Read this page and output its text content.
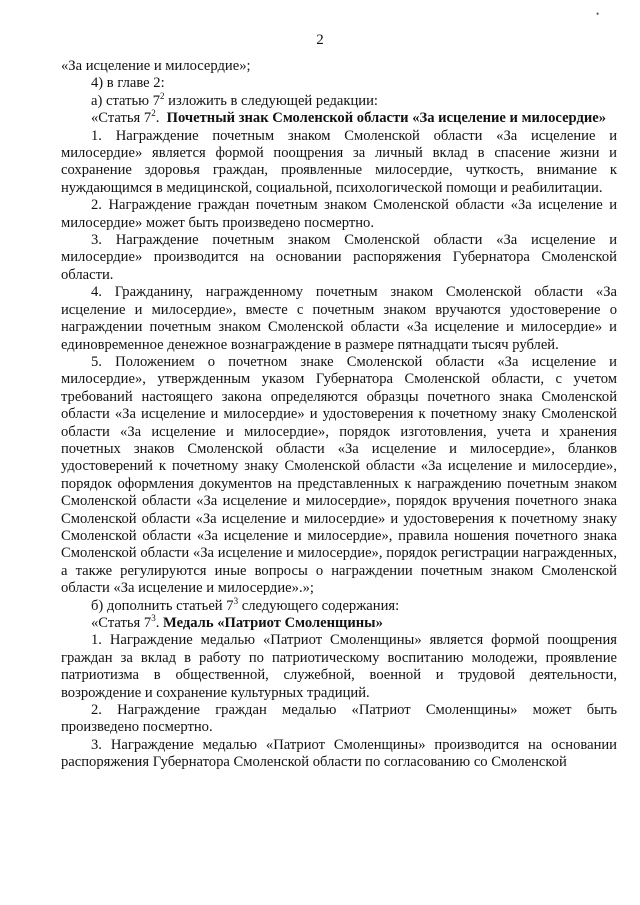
•
2

«За исцеление и милосердие»;

4) в главе 2:

а) статью $7^2$ изложить в следующей редакции:

«Статья $7^2$. Почетный знак Смоленской области «За исцеление и милосердие»

1. Награждение почетным знаком Смоленской области «За исцеление и милосердие» является формой поощрения за личный вклад в спасение жизни и сохранение здоровья граждан, проявленные милосердие, чуткость, внимание к нуждающимся в медицинской, социальной, психологической помощи и реабилитации.

2. Награждение граждан почетным знаком Смоленской области «За исцеление и милосердие» может быть произведено посмертно.

3. Награждение почетным знаком Смоленской области «За исцеление и милосердие» производится на основании распоряжения Губернатора Смоленской области.

4. Гражданину, награжденному почетным знаком Смоленской области «За исцеление и милосердие», вместе с почетным знаком вручаются удостоверение о награждении почетным знаком Смоленской области «За исцеление и милосердие» и единовременное денежное вознаграждение в размере пятнадцати тысяч рублей.

5. Положением о почетном знаке Смоленской области «За исцеление и милосердие», утвержденным указом Губернатора Смоленской области, с учетом требований настоящего закона определяются образцы почетного знака Смоленской области «За исцеление и милосердие» и удостоверения к почетному знаку Смоленской области «За исцеление и милосердие», порядок изготовления, учета и хранения почетных знаков Смоленской области «За исцеление и милосердие», бланков удостоверений к почетному знаку Смоленской области «За исцеление и милосердие», порядок оформления документов на представленных к награждению почетным знаком Смоленской области «За исцеление и милосердие», порядок вручения почетного знака Смоленской области «За исцеление и милосердие» и удостоверения к почетному знаку Смоленской области «За исцеление и милосердие», правила ношения почетного знака Смоленской области «За исцеление и милосердие», порядок регистрации награжденных, а также регулируются иные вопросы о награждении почетным знаком Смоленской области «За исцеление и милосердие».»;

б) дополнить статьей $7^3$ следующего содержания:

«Статья $7^3$. Медаль «Патриот Смоленщины»

1. Награждение медалью «Патриот Смоленщины» является формой поощрения граждан за вклад в работу по патриотическому воспитанию молодежи, проявление патриотизма в общественной, служебной, военной и трудовой деятельности, возрождение и сохранение культурных традиций.

2. Награждение граждан медалью «Патриот Смоленщины» может быть произведено посмертно.

3. Награждение медалью «Патриот Смоленщины» производится на основании распоряжения Губернатора Смоленской области по согласованию со Смоленской
